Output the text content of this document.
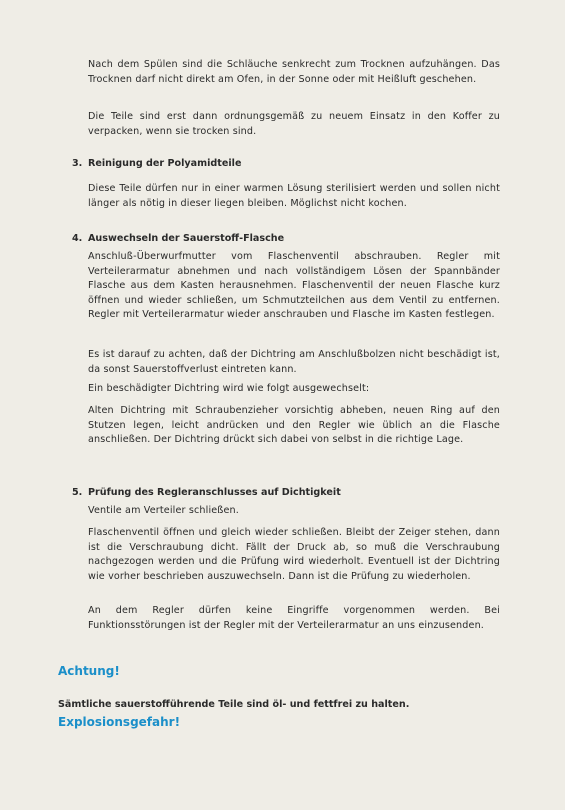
Nach dem Spülen sind die Schläuche senkrecht zum Trocknen aufzuhängen. Das Trocknen darf nicht direkt am Ofen, in der Sonne oder mit Heißluft geschehen.

Die Teile sind erst dann ordnungsgemäß zu neuem Einsatz in den Koffer zu verpacken, wenn sie trocken sind.

3. Reinigung der Polyamidteile

Diese Teile dürfen nur in einer warmen Lösung sterilisiert werden und sollen nicht länger als nötig in dieser liegen bleiben. Möglichst nicht kochen.

4. Auswechseln der Sauerstoff-Flasche

Anschluß-Überwurfmutter vom Flaschenventil abschrauben. Regler mit Verteilerarmatur abnehmen und nach vollständigem Lösen der Spannbänder Flasche aus dem Kasten herausnehmen. Flaschenventil der neuen Flasche kurz öffnen und wieder schließen, um Schmutzteilchen aus dem Ventil zu entfernen. Regler mit Verteilerarmatur wieder anschrauben und Flasche im Kasten festlegen.

Es ist darauf zu achten, daß der Dichtring am Anschlußbolzen nicht beschädigt ist, da sonst Sauerstoffverlust eintreten kann.

Ein beschädigter Dichtring wird wie folgt ausgewechselt:

Alten Dichtring mit Schraubenzieher vorsichtig abheben, neuen Ring auf den Stutzen legen, leicht andrücken und den Regler wie üblich an die Flasche anschließen. Der Dichtring drückt sich dabei von selbst in die richtige Lage.

5. Prüfung des Regleranschlusses auf Dichtigkeit

Ventile am Verteiler schließen.

Flaschenventil öffnen und gleich wieder schließen. Bleibt der Zeiger stehen, dann ist die Verschraubung dicht. Fällt der Druck ab, so muß die Verschraubung nachgezogen werden und die Prüfung wird wiederholt. Eventuell ist der Dichtring wie vorher beschrieben auszuwechseln. Dann ist die Prüfung zu wiederholen.

An dem Regler dürfen keine Eingriffe vorgenommen werden. Bei Funktionsstörungen ist der Regler mit der Verteilerarmatur an uns einzusenden.

Achtung!
Sämtliche sauerstofführende Teile sind öl- und fettfrei zu halten.
Explosionsgefahr!
